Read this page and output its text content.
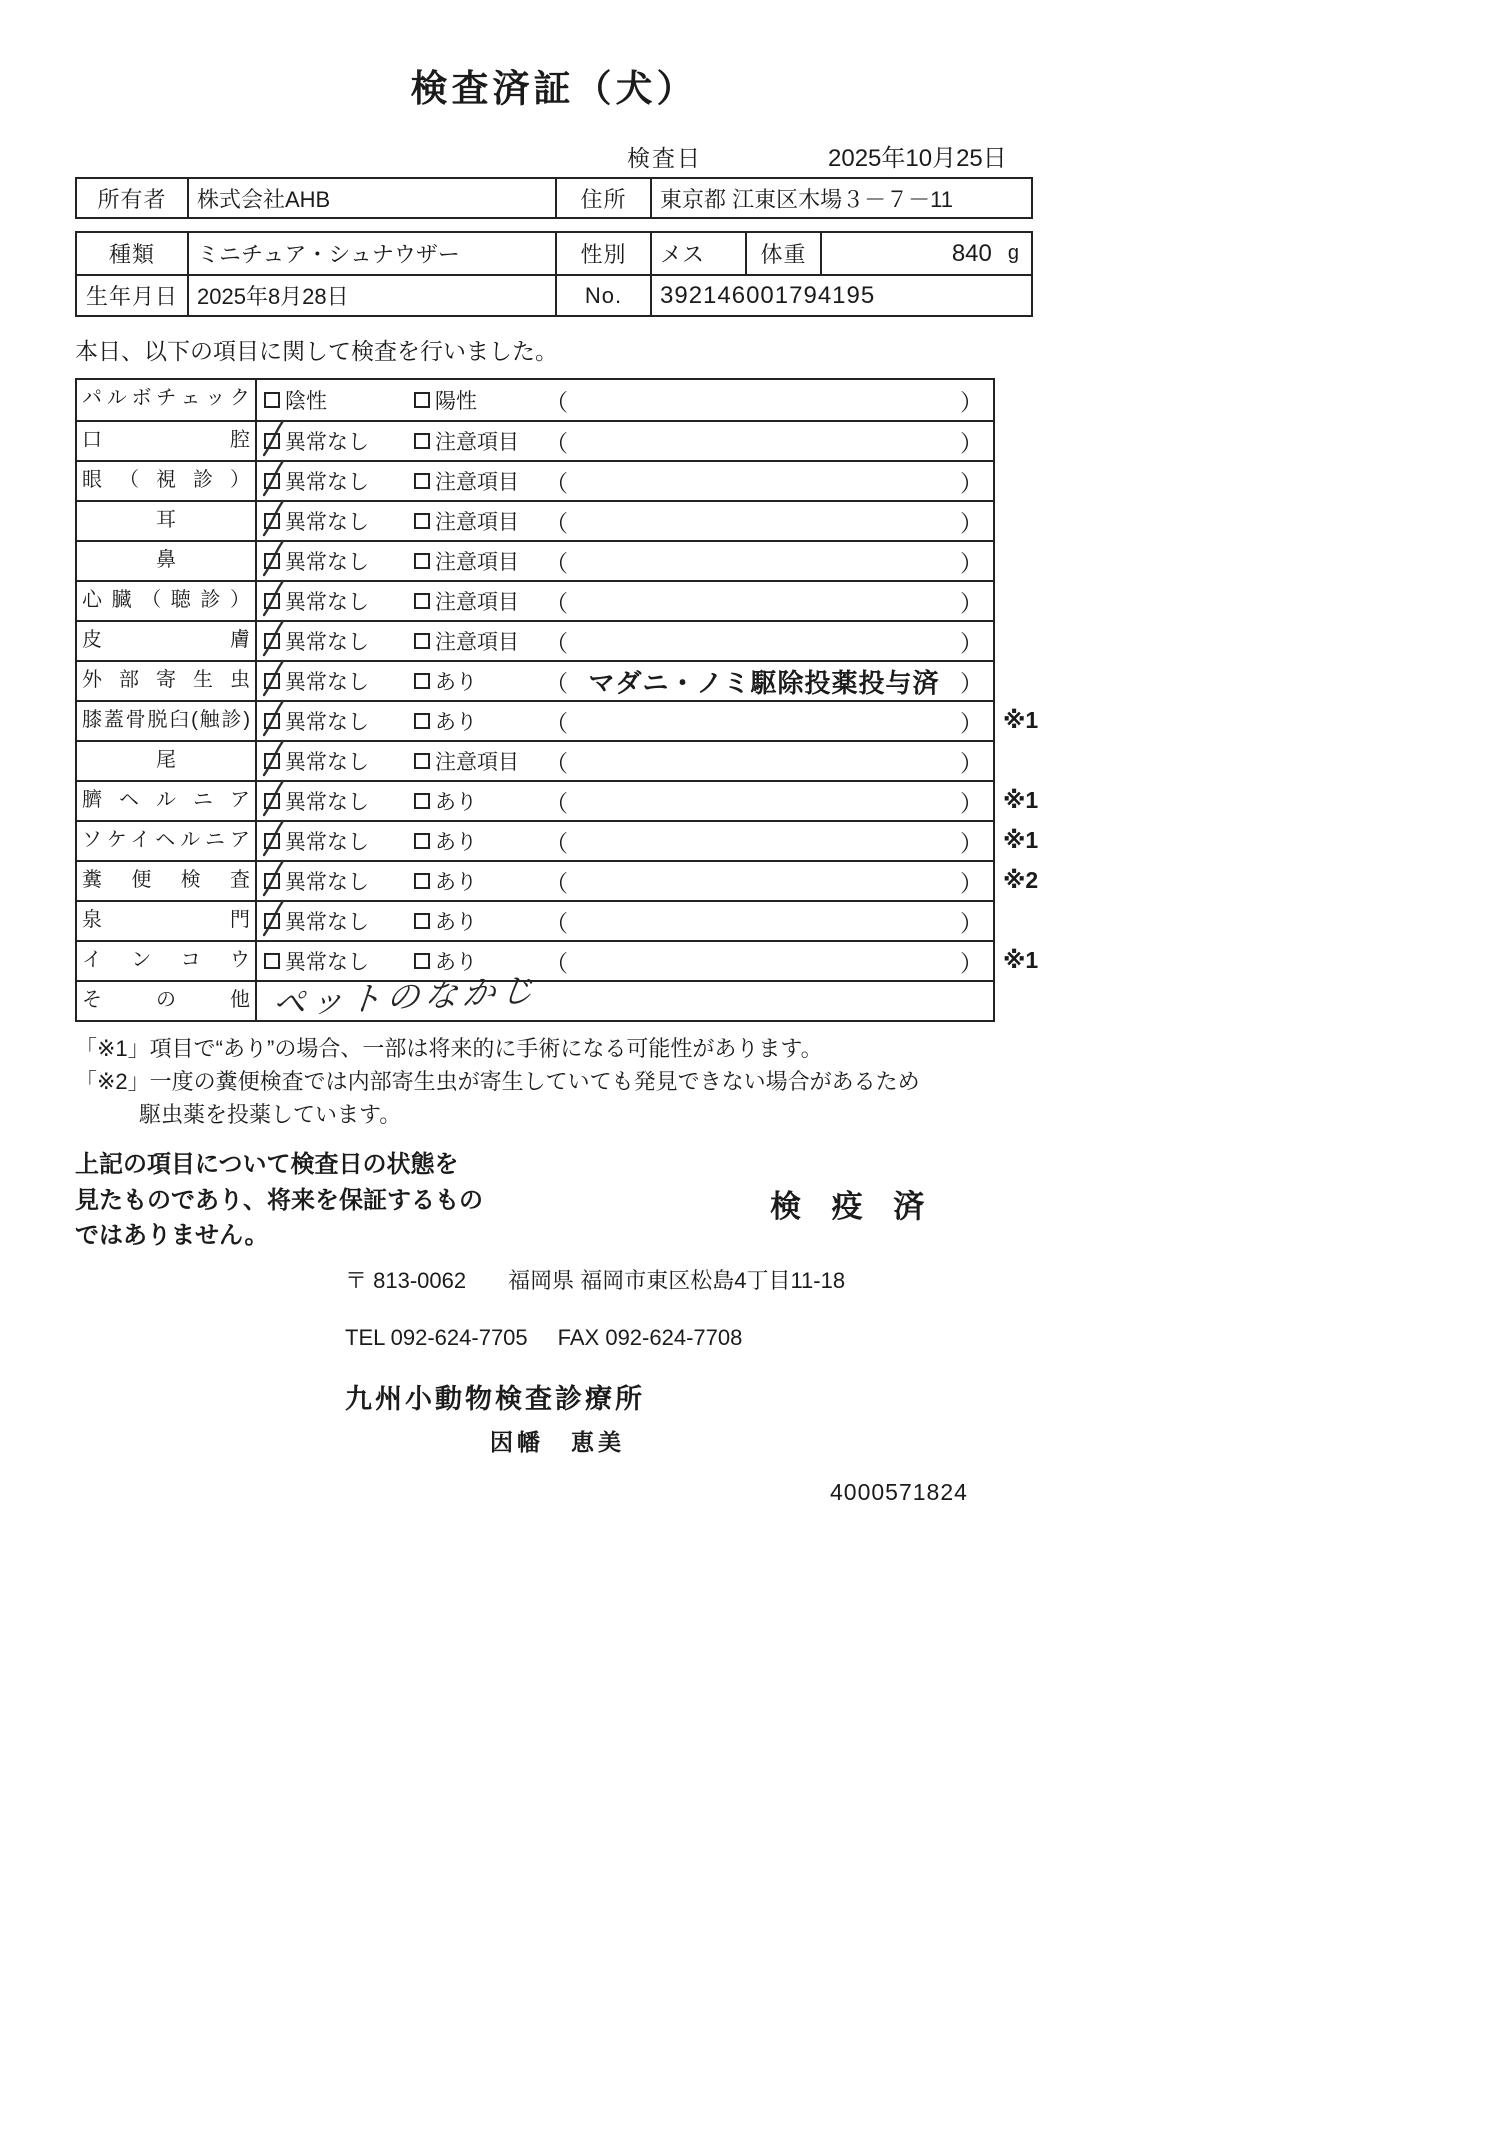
検査済証（犬）
検査日	2025年10月25日
所有者	株式会社AHB	住所	東京都 江東区木場３－７－11
種類	ミニチュア・シュナウザー	性別	メス	体重	840 g
生年月日 2025年8月28日	No.	392146001794195
本日、以下の項目に関して検査を行いました。
パルボチェック	陰性	陽性	（	）
口腔	異常なし	注意項目 （	）
眼（視診）	異常なし	注意項目 （	）
耳	異常なし	注意項目 （	）
鼻	異常なし	注意項目 （	）
心臓（聴診）	異常なし	注意項目 （	）
皮膚	異常なし	注意項目 （	）
外部寄生虫	異常なし	あり	（ マダニ・ノミ駆除投薬投与済 ）
膝蓋骨脱臼(触診)	異常なし	あり	（	） ※1
尾	異常なし	注意項目 （	）
臍ヘルニア	異常なし	あり	（	） ※1
ソケイヘルニア	異常なし	あり	（	） ※1
糞便検査	異常なし	あり	（	） ※2
泉門	異常なし	あり	（	）
インコウ	異常なし	あり	（	） ※1
その他 ペットのなかじ
「※1」項目で“あり”の場合、一部は将来的に手術になる可能性があります。
「※2」一度の糞便検査では内部寄生虫が寄生していても発見できない場合があるため
駆虫薬を投薬しています。
上記の項目について検査日の状態を
見たものであり、将来を保証するもの
ではありません。
検 疫 済
〒 813-0062 福岡県 福岡市東区松島4丁目11-18
TEL 092-624-7705 FAX 092-624-7708
九州小動物検査診療所
因幡　恵美
4000571824
